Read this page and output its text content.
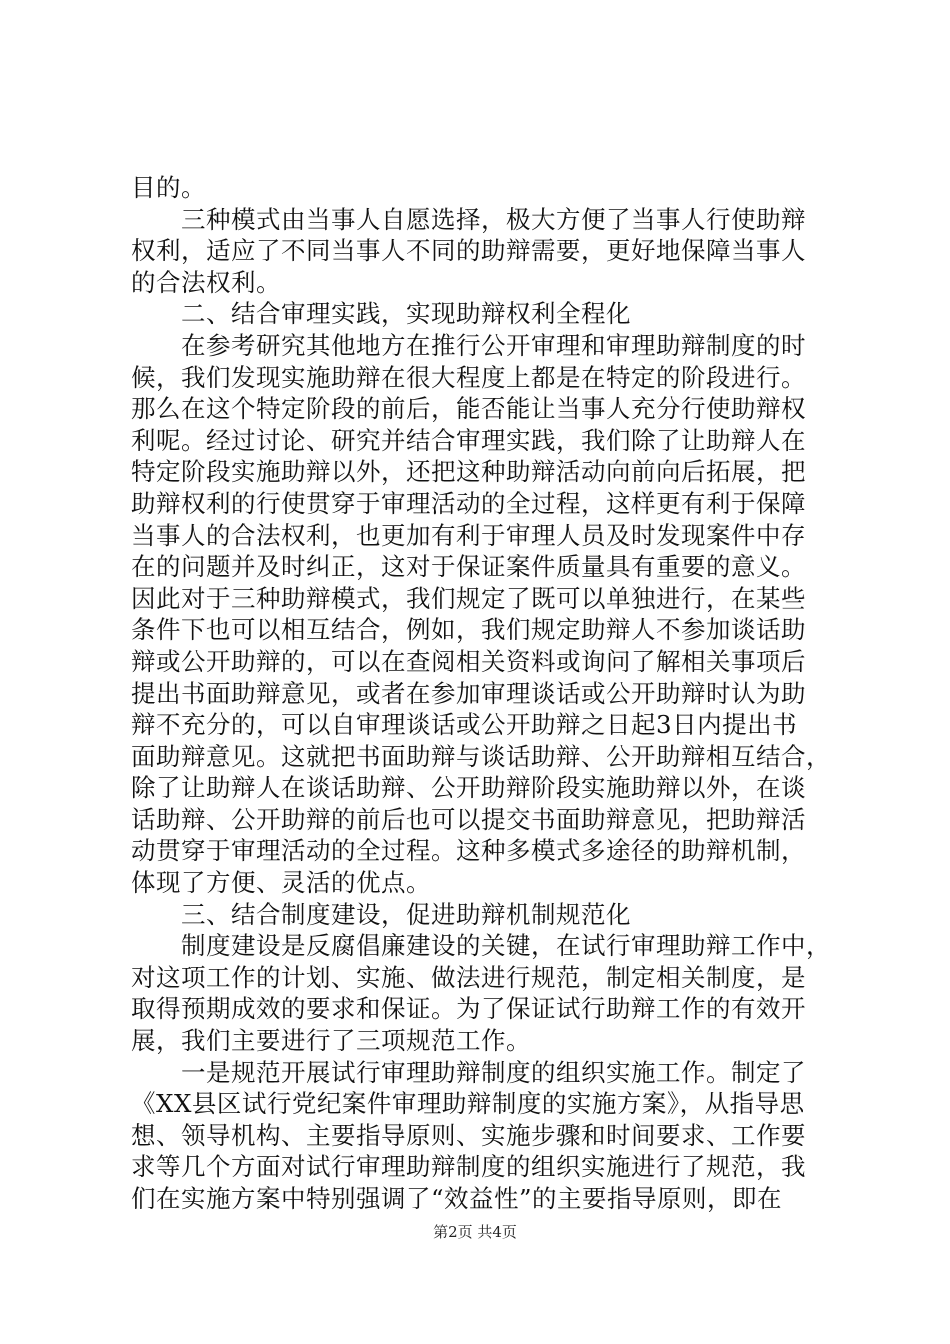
目的。
三种模式由当事人自愿选择，极大方便了当事人行使助辩
权利，适应了不同当事人不同的助辩需要，更好地保障当事人
的合法权利。
二、结合审理实践，实现助辩权利全程化
在参考研究其他地方在推行公开审理和审理助辩制度的时
候，我们发现实施助辩在很大程度上都是在特定的阶段进行。
那么在这个特定阶段的前后，能否能让当事人充分行使助辩权
利呢。经过讨论、研究并结合审理实践，我们除了让助辩人在
特定阶段实施助辩以外，还把这种助辩活动向前向后拓展，把
助辩权利的行使贯穿于审理活动的全过程，这样更有利于保障
当事人的合法权利，也更加有利于审理人员及时发现案件中存
在的问题并及时纠正，这对于保证案件质量具有重要的意义。
因此对于三种助辩模式，我们规定了既可以单独进行，在某些
条件下也可以相互结合，例如，我们规定助辩人不参加谈话助
辩或公开助辩的，可以在查阅相关资料或询问了解相关事项后
提出书面助辩意见，或者在参加审理谈话或公开助辩时认为助
辩不充分的，可以自审理谈话或公开助辩之日起3日内提出书
面助辩意见。这就把书面助辩与谈话助辩、公开助辩相互结合，
除了让助辩人在谈话助辩、公开助辩阶段实施助辩以外，在谈
话助辩、公开助辩的前后也可以提交书面助辩意见，把助辩活
动贯穿于审理活动的全过程。这种多模式多途径的助辩机制，
体现了方便、灵活的优点。
三、结合制度建设，促进助辩机制规范化
制度建设是反腐倡廉建设的关键，在试行审理助辩工作中，
对这项工作的计划、实施、做法进行规范，制定相关制度，是
取得预期成效的要求和保证。为了保证试行助辩工作的有效开
展，我们主要进行了三项规范工作。
一是规范开展试行审理助辩制度的组织实施工作。制定了
《XX县区试行党纪案件审理助辩制度的实施方案》，从指导思
想、领导机构、主要指导原则、实施步骤和时间要求、工作要
求等几个方面对试行审理助辩制度的组织实施进行了规范，我
们在实施方案中特别强调了“效益性”的主要指导原则，即在
第2页 共4页
